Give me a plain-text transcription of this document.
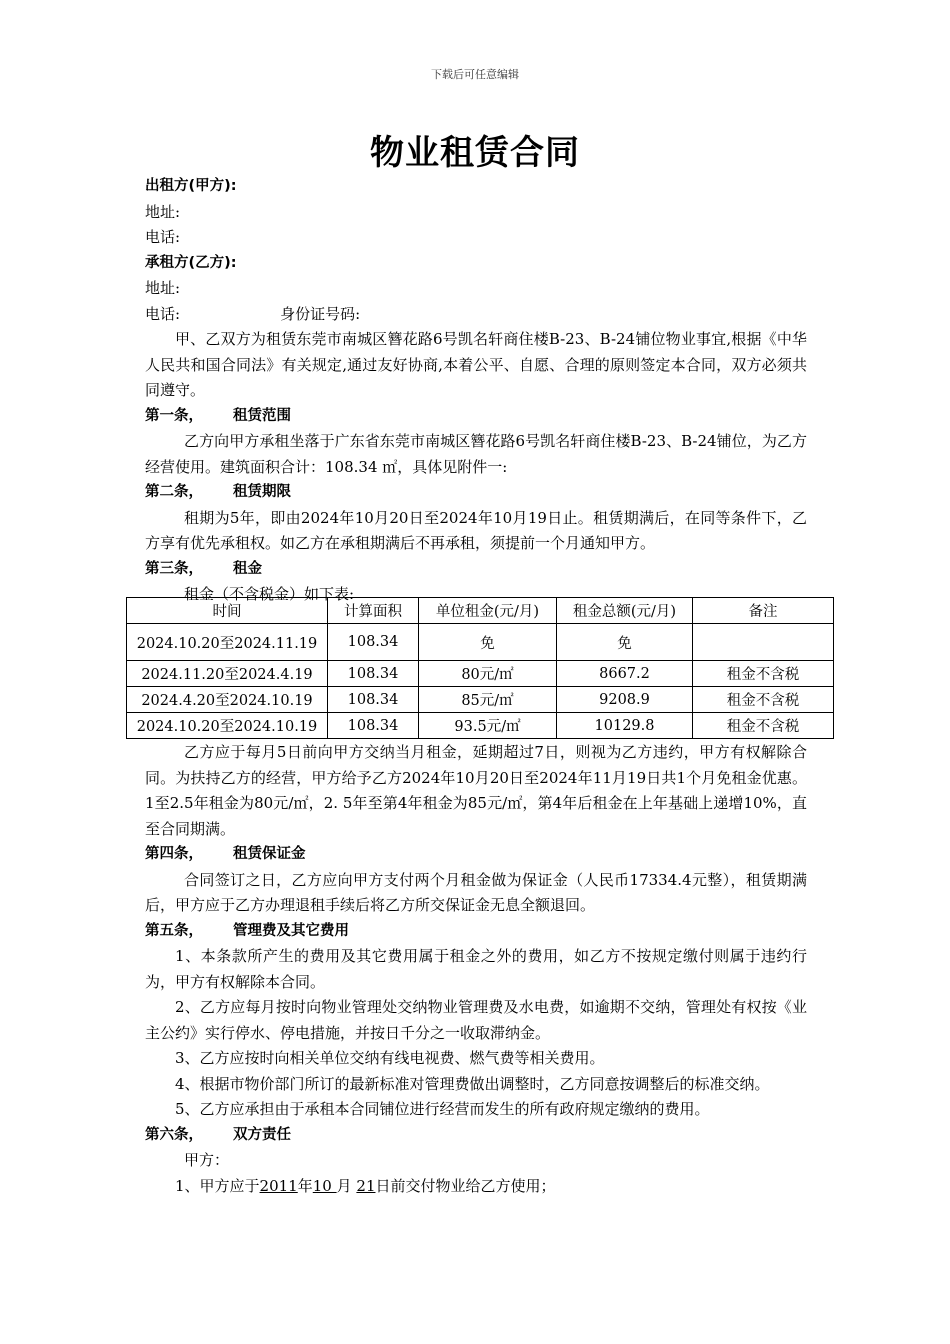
下载后可任意编辑
物业租赁合同
出租方(甲方):
地址:
电话:
承租方(乙方):
地址:
电话:	身份证号码:
甲、乙双方为租赁东莞市南城区簪花路6号凯名轩商住楼B-23、B-24铺位物业事宜,根据《中华人民共和国合同法》有关规定,通过友好协商,本着公平、自愿、合理的原则签定本合同，双方必须共同遵守。
第一条， 租赁范围
乙方向甲方承租坐落于广东省东莞市南城区簪花路6号凯名轩商住楼B-23、B-24铺位，为乙方经营使用。建筑面积合计：108.34 ㎡，具体见附件一:
第二条， 租赁期限
租期为5年，即由2024年10月20日至2024年10月19日止。租赁期满后，在同等条件下，乙方享有优先承租权。如乙方在承租期满后不再承租，须提前一个月通知甲方。
第三条， 租金
租金（不含税金）如下表:
时间	计算面积	单位租金(元/月)	租金总额(元/月)	备注
2024.10.20至2024.11.19	108.34	免	免	
2024.11.20至2024.4.19	108.34	80元/㎡	8667.2	租金不含税
2024.4.20至2024.10.19	108.34	85元/㎡	9208.9	租金不含税
2024.10.20至2024.10.19	108.34	93.5元/㎡	10129.8	租金不含税
乙方应于每月5日前向甲方交纳当月租金，延期超过7日，则视为乙方违约，甲方有权解除合同。为扶持乙方的经营，甲方给予乙方2024年10月20日至2024年11月19日共1个月免租金优惠。1至2.5年租金为80元/㎡，2. 5年至第4年租金为85元/㎡，第4年后租金在上年基础上递增10%，直至合同期满。
第四条， 租赁保证金
合同签订之日，乙方应向甲方支付两个月租金做为保证金（人民币17334.4元整），租赁期满后，甲方应于乙方办理退租手续后将乙方所交保证金无息全额退回。
第五条， 管理费及其它费用
1、本条款所产生的费用及其它费用属于租金之外的费用，如乙方不按规定缴付则属于违约行为，甲方有权解除本合同。
2、乙方应每月按时向物业管理处交纳物业管理费及水电费，如逾期不交纳，管理处有权按《业主公约》实行停水、停电措施，并按日千分之一收取滞纳金。
3、乙方应按时向相关单位交纳有线电视费、燃气费等相关费用。
4、根据市物价部门所订的最新标准对管理费做出调整时，乙方同意按调整后的标准交纳。
5、乙方应承担由于承租本合同铺位进行经营而发生的所有政府规定缴纳的费用。
第六条， 双方责任
甲方：
1、甲方应于2011年10 月 21日前交付物业给乙方使用；
